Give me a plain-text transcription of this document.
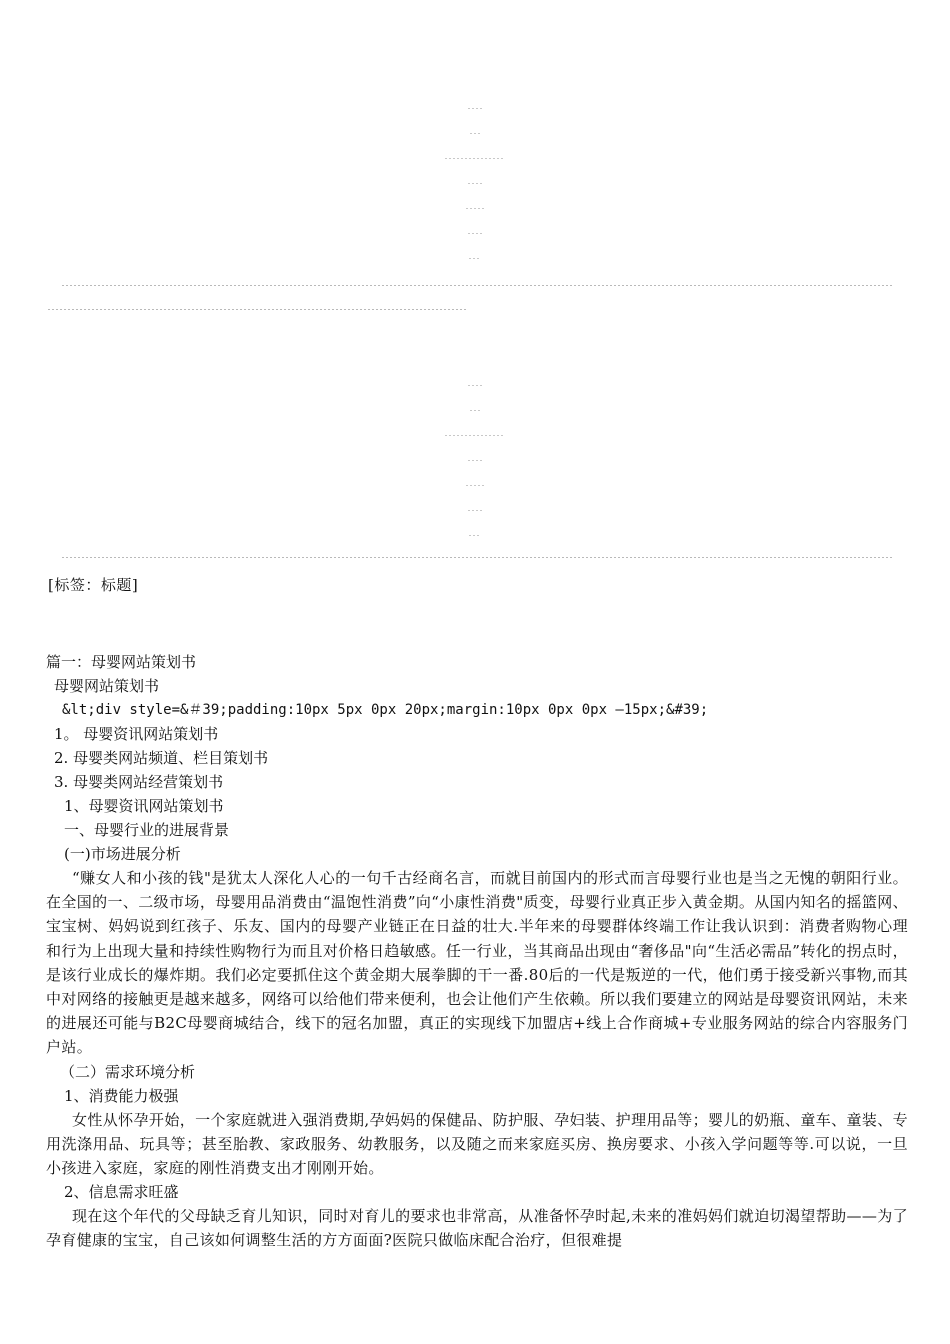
[标签：标题]
篇一：母婴网站策划书
母婴网站策划书
&lt;div style=&＃39;padding:10px 5px 0px 20px;margin:10px 0px 0px —15px;&#39;
1。 母婴资讯网站策划书
2. 母婴类网站频道、栏目策划书
3. 母婴类网站经营策划书
1、母婴资讯网站策划书
一、母婴行业的进展背景
(一)市场进展分析
“赚女人和小孩的钱"是犹太人深化人心的一句千古经商名言，而就目前国内的形式而言母婴行业也是当之无愧的朝阳行业。在全国的一、二级市场，母婴用品消费由“温饱性消费”向“小康性消费"质变，母婴行业真正步入黄金期。从国内知名的摇篮网、宝宝树、妈妈说到红孩子、乐友、国内的母婴产业链正在日益的壮大.半年来的母婴群体终端工作让我认识到：消费者购物心理和行为上出现大量和持续性购物行为而且对价格日趋敏感。任一行业，当其商品出现由“奢侈品"向“生活必需品”转化的拐点时，是该行业成长的爆炸期。我们必定要抓住这个黄金期大展拳脚的干一番.80后的一代是叛逆的一代，他们勇于接受新兴事物,而其中对网络的接触更是越来越多，网络可以给他们带来便利，也会让他们产生依赖。所以我们要建立的网站是母婴资讯网站，未来的进展还可能与B2C母婴商城结合，线下的冠名加盟，真正的实现线下加盟店+线上合作商城+专业服务网站的综合内容服务门户站。
（二）需求环境分析
1、消费能力极强
女性从怀孕开始，一个家庭就进入强消费期,孕妈妈的保健品、防护服、孕妇装、护理用品等；婴儿的奶瓶、童车、童装、专用洗涤用品、玩具等；甚至胎教、家政服务、幼教服务，以及随之而来家庭买房、换房要求、小孩入学问题等等.可以说，一旦小孩进入家庭，家庭的刚性消费支出才刚刚开始。
2、信息需求旺盛
现在这个年代的父母缺乏育儿知识，同时对育儿的要求也非常高，从准备怀孕时起,未来的准妈妈们就迫切渴望帮助——为了孕育健康的宝宝，自己该如何调整生活的方方面面?医院只做临床配合治疗，但很难提
